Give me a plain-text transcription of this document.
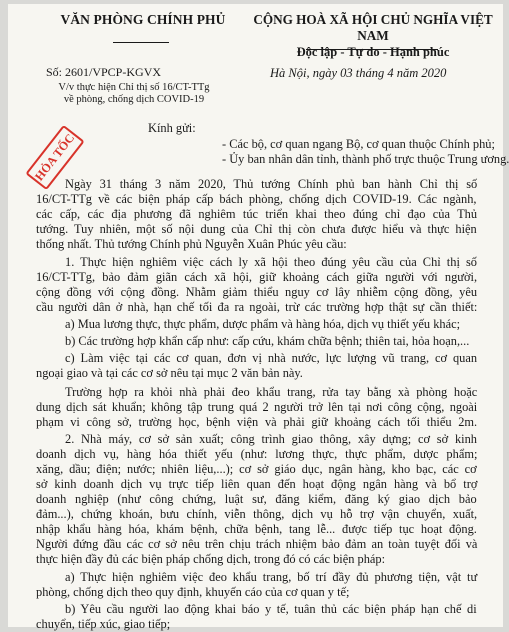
VĂN PHÒNG CHÍNH PHỦ	CỘNG HOÀ XÃ HỘI CHỦ NGHĨA VIỆT NAM
Độc lập - Tự do - Hạnh phúc
Số: 2601/VPCP-KGVX
V/v thực hiện Chỉ thị số 16/CT-TTg
về phòng, chống dịch COVID-19
Hà Nội, ngày 03 tháng 4 năm 2020
HỎA TỐC
Kính gửi:
- Các bộ, cơ quan ngang Bộ, cơ quan thuộc Chính phủ;
- Ủy ban nhân dân tỉnh, thành phố trực thuộc Trung ương.
Ngày 31 tháng 3 năm 2020, Thủ tướng Chính phủ ban hành Chỉ thị số
16/CT-TTg về các biện pháp cấp bách phòng, chống dịch COVID-19. Các ngành,
các cấp, các địa phương đã nghiêm túc triển khai theo đúng chỉ đạo của Thủ
tướng. Tuy nhiên, một số nội dung của Chỉ thị còn chưa được hiểu và thực hiện
thống nhất. Thủ tướng Chính phủ Nguyễn Xuân Phúc yêu cầu:
1. Thực hiện nghiêm việc cách ly xã hội theo đúng yêu cầu của Chỉ thị số
16/CT-TTg, bảo đảm giãn cách xã hội, giữ khoảng cách giữa người với người,
cộng đồng với cộng đồng. Nhằm giảm thiểu nguy cơ lây nhiễm cộng đồng, yêu
cầu người dân ở nhà, hạn chế tối đa ra ngoài, trừ các trường hợp thật sự cần thiết:
a) Mua lương thực, thực phẩm, dược phẩm và hàng hóa, dịch vụ thiết yếu khác;
b) Các trường hợp khẩn cấp như: cấp cứu, khám chữa bệnh; thiên tai, hỏa hoạn,...
c) Làm việc tại các cơ quan, đơn vị nhà nước, lực lượng vũ trang, cơ quan
ngoại giao và tại các cơ sở nêu tại mục 2 văn bản này.
Trường hợp ra khỏi nhà phải đeo khẩu trang, rửa tay bằng xà phòng hoặc
dung dịch sát khuẩn; không tập trung quá 2 người trở lên tại nơi công cộng, ngoài
phạm vi công sở, trường học, bệnh viện và phải giữ khoảng cách tối thiểu 2m.
2. Nhà máy, cơ sở sản xuất; công trình giao thông, xây dựng; cơ sở kinh
doanh dịch vụ, hàng hóa thiết yếu (như: lương thực, thực phẩm, dược phẩm;
xăng, dầu; điện; nước; nhiên liệu,...); cơ sở giáo dục, ngân hàng, kho bạc, các cơ
sở kinh doanh dịch vụ trực tiếp liên quan đến hoạt động ngân hàng và bổ trợ
doanh nghiệp (như công chứng, luật sư, đăng kiểm, đăng ký giao dịch bảo
đảm...), chứng khoán, bưu chính, viễn thông, dịch vụ hỗ trợ vận chuyển, xuất,
nhập khẩu hàng hóa, khám bệnh, chữa bệnh, tang lễ... được tiếp tục hoạt động.
Người đứng đầu các cơ sở nêu trên chịu trách nhiệm bảo đảm an toàn tuyệt đối và
thực hiện đầy đủ các biện pháp chống dịch, trong đó có các biện pháp:
a) Thực hiện nghiêm việc đeo khẩu trang, bố trí đầy đủ phương tiện, vật tư
phòng, chống dịch theo quy định, khuyến cáo của cơ quan y tế;
b) Yêu cầu người lao động khai báo y tế, tuân thủ các biện pháp hạn chế di
chuyển, tiếp xúc, giao tiếp;
